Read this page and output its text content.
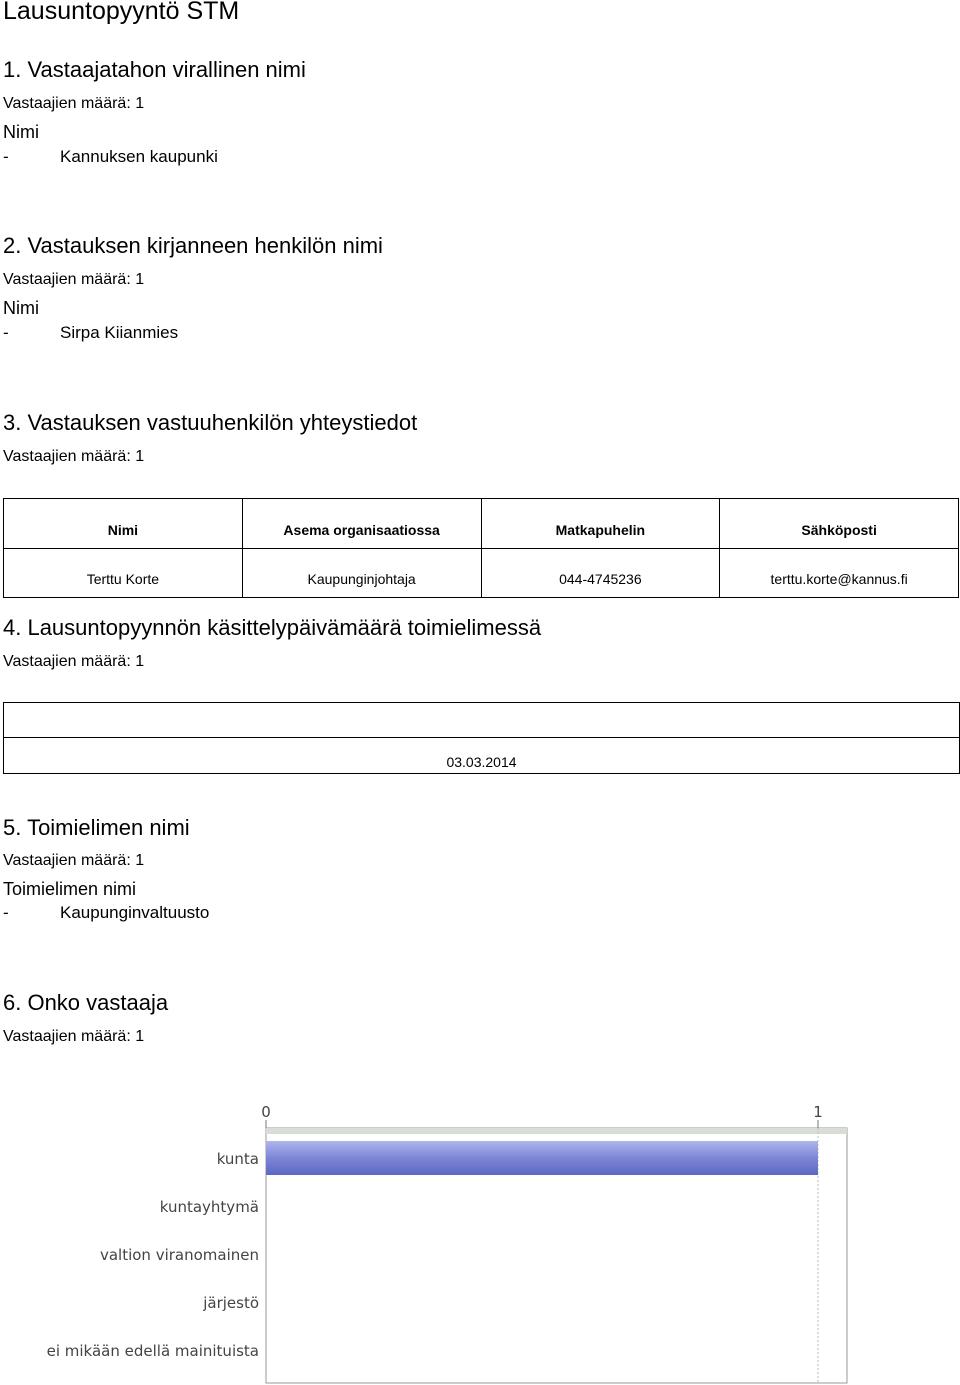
Lausuntopyyntö STM
1. Vastaajatahon virallinen nimi
Vastaajien määrä: 1
Nimi
-	Kannuksen kaupunki
2. Vastauksen kirjanneen henkilön nimi
Vastaajien määrä: 1
Nimi
-	Sirpa Kiianmies
3. Vastauksen vastuuhenkilön yhteystiedot
Vastaajien määrä: 1
Nimi	Asema organisaatiossa	Matkapuhelin	Sähköposti
Terttu Korte	Kaupunginjohtaja	044-4745236	terttu.korte@kannus.fi
4. Lausuntopyynnön käsittelypäivämäärä toimielimessä
Vastaajien määrä: 1
03.03.2014
5. Toimielimen nimi
Vastaajien määrä: 1
Toimielimen nimi
-	Kaupunginvaltuusto
6. Onko vastaaja
Vastaajien määrä: 1
0	1
kunta
kuntayhtymä
valtion viranomainen
järjestö
ei mikään edellä mainituista
